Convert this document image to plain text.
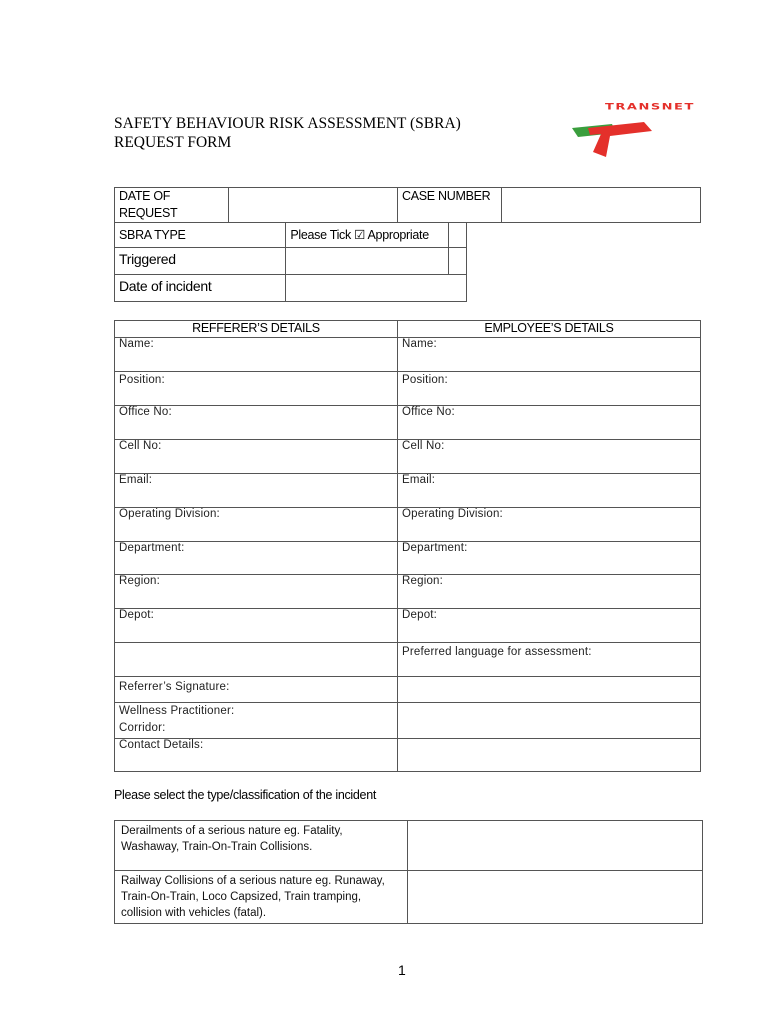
SAFETY BEHAVIOUR RISK ASSESSMENT (SBRA)
REQUEST FORM
TRANSNET
DATE OF REQUEST		CASE NUMBER	
SBRA TYPE	Please Tick ☑ Appropriate	
Triggered		
Date of incident		
REFFERER’S DETAILS	EMPLOYEE’S DETAILS
Name:	Name:
Position:	Position:
Office No:	Office No:
Cell No:	Cell No:
Email:	Email:
Operating Division:	Operating Division:
Department:	Department:
Region:	Region:
Depot:	Depot:
	Preferred language for assessment:
Referrer’s Signature:	

Wellness Practitioner:
Corridor:	

Contact Details:	
Please select the type/classification of the incident
Derailments of a serious nature eg. Fatality, Washaway, Train-On-Train Collisions.	
Railway Collisions of a serious nature eg. Runaway, Train-On-Train, Loco Capsized, Train tramping, collision with vehicles (fatal).	
1
